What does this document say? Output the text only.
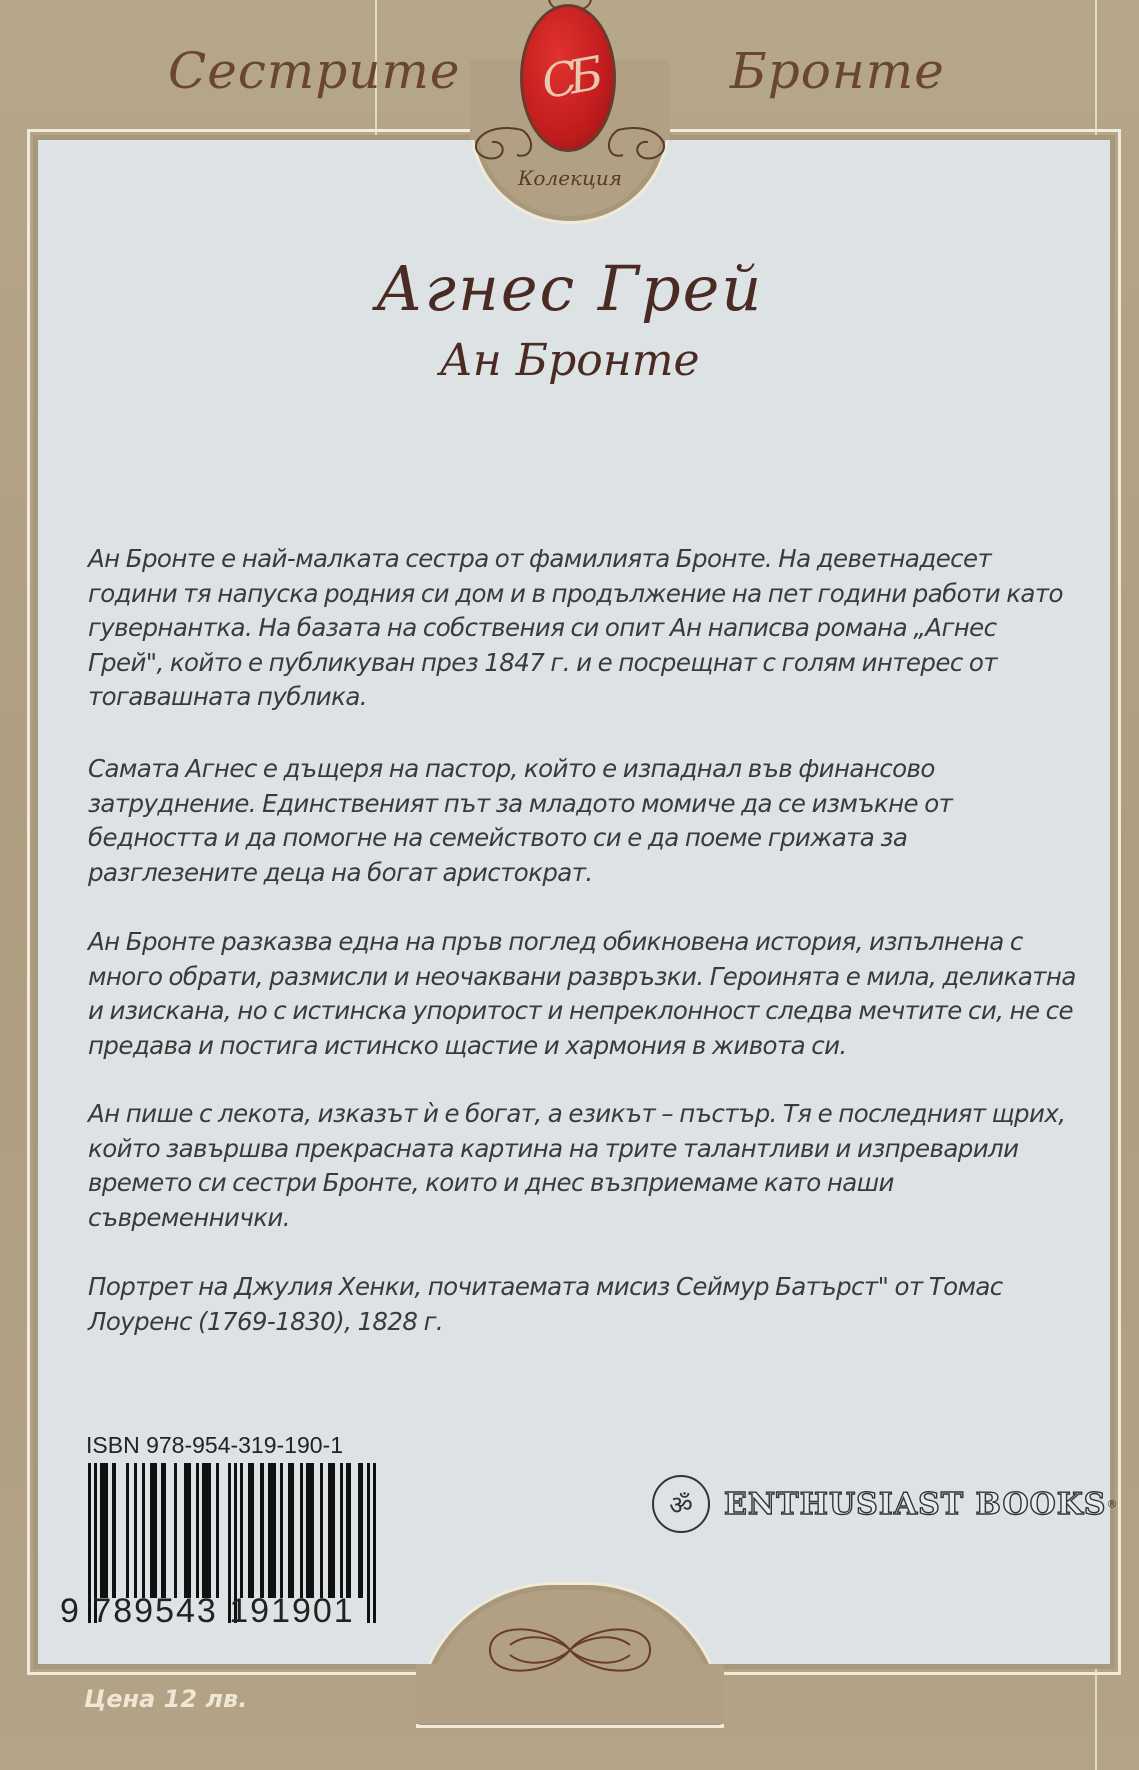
Сестрите	Бронте
СБ
Колекция
Агнес Грей
Ан Бронте
Ан Бронте е най-малката сестра от фамилията Бронте. На деветнадесет години тя напуска родния си дом и в продължение на пет години работи като гувернантка. На базата на собствения си опит Ан написва романа „Агнес Грей", който е публикуван през 1847 г. и е посрещнат с голям интерес от тогавашната публика.
Самата Агнес е дъщеря на пастор, който е изпаднал във финансово затруднение. Единственият път за младото момиче да се измъкне от бедността и да помогне на семейството си е да поеме грижата за разглезените деца на богат аристократ.
Ан Бронте разказва една на пръв поглед обикновена история, изпълнена с много обрати, размисли и неочаквани развръзки. Героинята е мила, деликатна и изискана, но с истинска упоритост и непреклонност следва мечтите си, не се предава и постига истинско щастие и хармония в живота си.
Ан пише с лекота, изказът ѝ е богат, а езикът – пъстър. Тя е последният щрих, който завършва прекрасната картина на трите талантливи и изпреварили времето си сестри Бронте, които и днес възприемаме като наши съвременнички.
Портрет на Джулия Хенки, почитаемата мисиз Сеймур Батърст" от Томас Лоуренс (1769-1830), 1828 г.
ISBN 978-954-319-190-1
9 789543 191901
ॐ	ENTHUSIAST BOOKS®
Цена 12 лв.
